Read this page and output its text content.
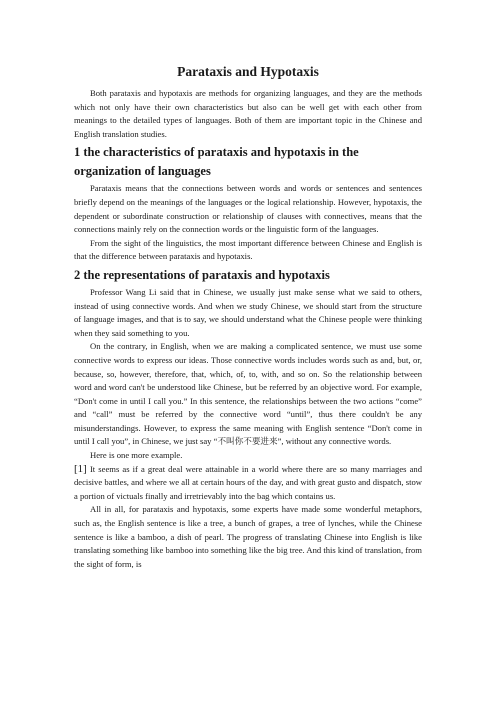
Parataxis and Hypotaxis

Both parataxis and hypotaxis are methods for organizing languages, and they are the methods which not only have their own characteristics but also can be well get with each other from meanings to the detailed types of languages. Both of them are important topic in the Chinese and English translation studies.

1 the characteristics of parataxis and hypotaxis in the organization of languages

Parataxis means that the connections between words and words or sentences and sentences briefly depend on the meanings of the languages or the logical relationship. However, hypotaxis, the dependent or subordinate construction or relationship of clauses with connectives, means that the connections mainly rely on the connection words or the linguistic form of the languages.

From the sight of the linguistics, the most important difference between Chinese and English is that the difference between parataxis and hypotaxis.

2 the representations of parataxis and hypotaxis

Professor Wang Li said that in Chinese, we usually just make sense what we said to others, instead of using connective words. And when we study Chinese, we should start from the structure of language images, and that is to say, we should understand what the Chinese people were thinking when they said something to you.

On the contrary, in English, when we are making a complicated sentence, we must use some connective words to express our ideas. Those connective words includes words such as and, but, or, because, so, however, therefore, that, which, of, to, with, and so on. So the relationship between word and word can't be understood like Chinese, but be referred by an objective word. For example, “Don't come in until I call you.” In this sentence, the relationships between the two actions “come” and “call” must be referred by the connective word “until”, thus there couldn't be any misunderstandings. However, to express the same meaning with English sentence “Don't come in until I call you”, in Chinese, we just say “不叫你不要进来”, without any connective words.

Here is one more example.

[1] It seems as if a great deal were attainable in a world where there are so many marriages and decisive battles, and where we all at certain hours of the day, and with great gusto and dispatch, stow a portion of victuals finally and irretrievably into the bag which contains us.

All in all, for parataxis and hypotaxis, some experts have made some wonderful metaphors, such as, the English sentence is like a tree, a bunch of grapes, a tree of lynches, while the Chinese sentence is like a bamboo, a dish of pearl. The progress of translating Chinese into English is like translating something like bamboo into something like the big tree. And this kind of translation, from the sight of form, is
